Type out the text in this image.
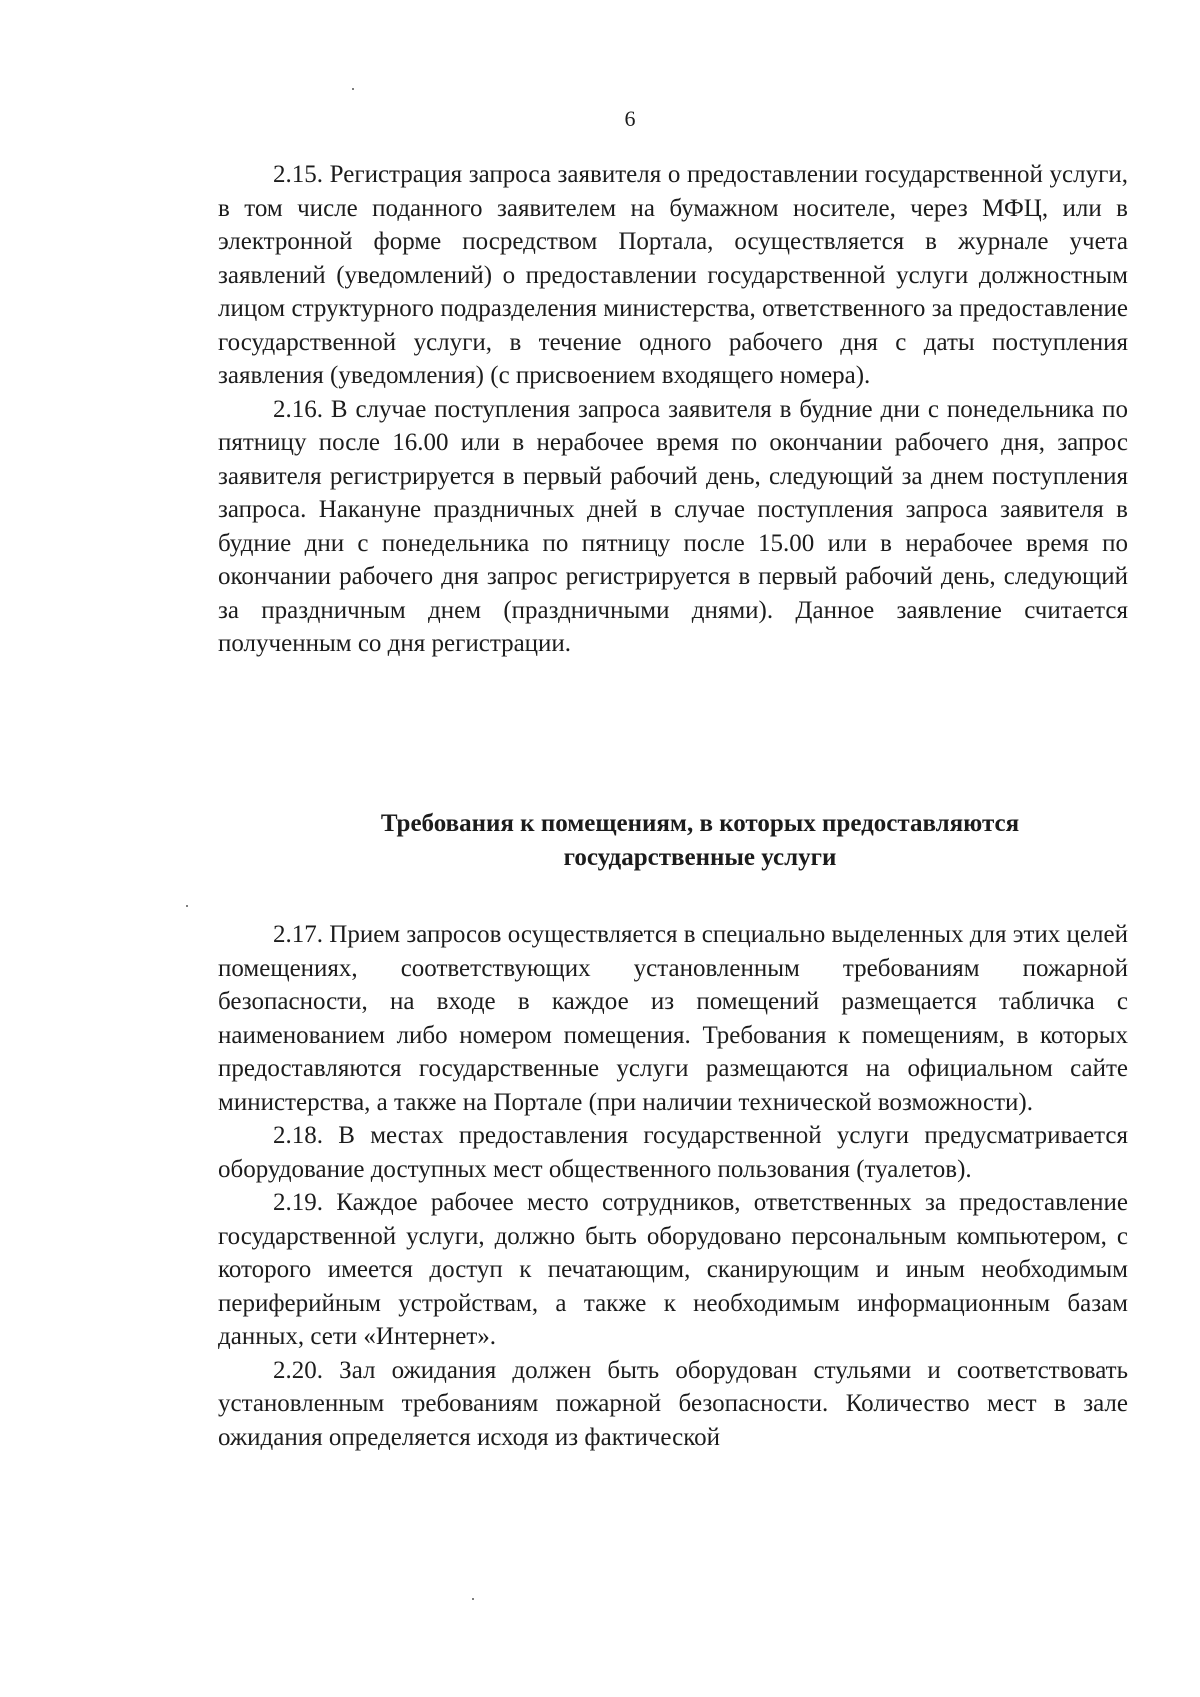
6

2.15. Регистрация запроса заявителя о предоставлении государственной услуги, в том числе поданного заявителем на бумажном носителе, через МФЦ, или в электронной форме посредством Портала, осуществляется в журнале учета заявлений (уведомлений) о предоставлении государственной услуги должностным лицом структурного подразделения министерства, ответственного за предоставление государственной услуги, в течение одного рабочего дня с даты поступления заявления (уведомления) (с присвоением входящего номера).

2.16. В случае поступления запроса заявителя в будние дни с понедельника по пятницу после 16.00 или в нерабочее время по окончании рабочего дня, запрос заявителя регистрируется в первый рабочий день, следующий за днем поступления запроса. Накануне праздничных дней в случае поступления запроса заявителя в будние дни с понедельника по пятницу после 15.00 или в нерабочее время по окончании рабочего дня запрос регистрируется в первый рабочий день, следующий за праздничным днем (праздничными днями). Данное заявление считается полученным со дня регистрации.

Требования к помещениям, в которых предоставляются
государственные услуги

2.17. Прием запросов осуществляется в специально выделенных для этих целей помещениях, соответствующих установленным требованиям пожарной безопасности, на входе в каждое из помещений размещается табличка с наименованием либо номером помещения. Требования к помещениям, в которых предоставляются государственные услуги размещаются на официальном сайте министерства, а также на Портале (при наличии технической возможности).

2.18. В местах предоставления государственной услуги предусматривается оборудование доступных мест общественного пользования (туалетов).

2.19. Каждое рабочее место сотрудников, ответственных за предоставление государственной услуги, должно быть оборудовано персональным компьютером, с которого имеется доступ к печатающим, сканирующим и иным необходимым периферийным устройствам, а также к необходимым информационным базам данных, сети «Интернет».

2.20. Зал ожидания должен быть оборудован стульями и соответствовать установленным требованиям пожарной безопасности. Количество мест в зале ожидания определяется исходя из фактической
